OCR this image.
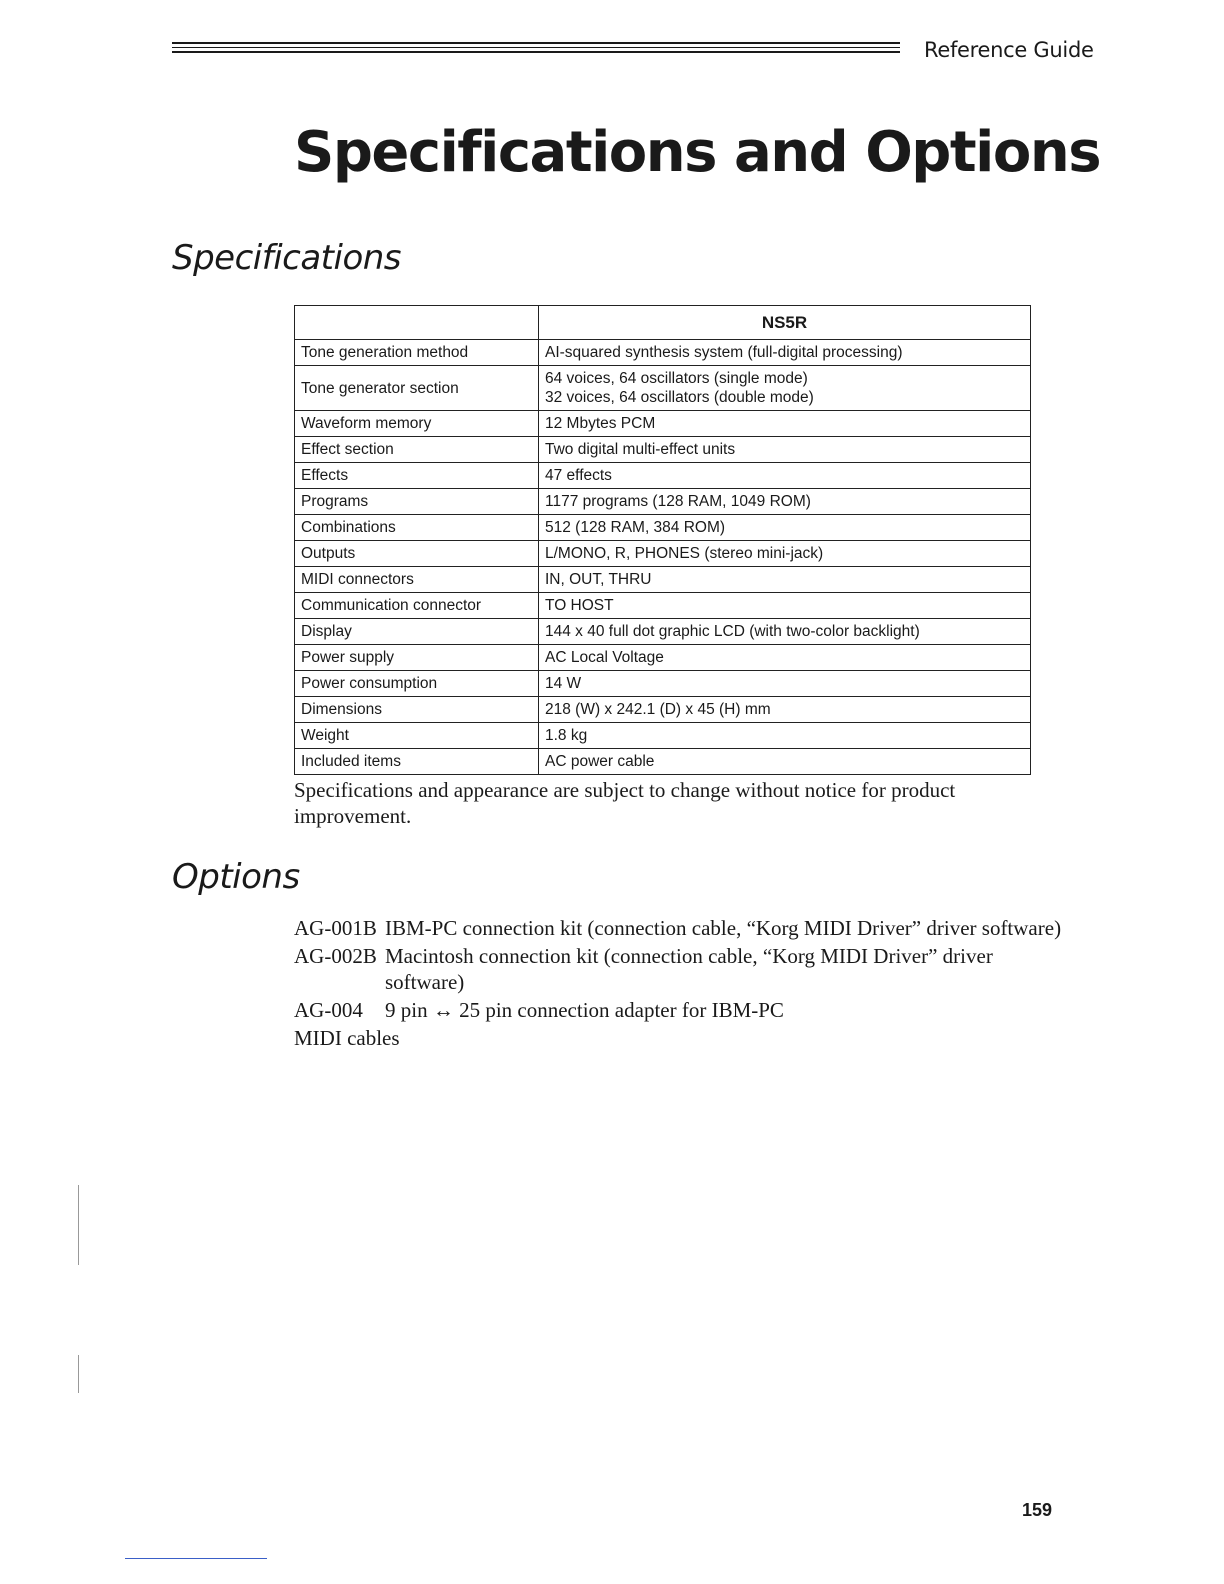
Reference Guide
Specifications and Options
Specifications
	NS5R
Tone generation method	AI-squared synthesis system (full-digital processing)

Tone generator section	64 voices, 64 oscillators (single mode)
32 voices, 64 oscillators (double mode)

Waveform memory	12 Mbytes PCM

Effect section	Two digital multi-effect units

Effects	47 effects

Programs	1177 programs (128 RAM, 1049 ROM)

Combinations	512 (128 RAM, 384 ROM)

Outputs	L/MONO, R, PHONES (stereo mini-jack)

MIDI connectors	IN, OUT, THRU

Communication connector	TO HOST

Display	144 x 40 full dot graphic LCD (with two-color backlight)

Power supply	AC Local Voltage

Power consumption	14 W

Dimensions	218 (W) x 242.1 (D) x 45 (H) mm

Weight	1.8 kg

Included items	AC power cable

Specifications and appearance are subject to change without notice for product improvement.

Options
AG-001B IBM-PC connection kit (connection cable, “Korg MIDI Driver” driver software)
AG-002B Macintosh connection kit (connection cable, “Korg MIDI Driver” driver software)
AG-004	9 pin ↔ 25 pin connection adapter for IBM-PC
MIDI cables
159
